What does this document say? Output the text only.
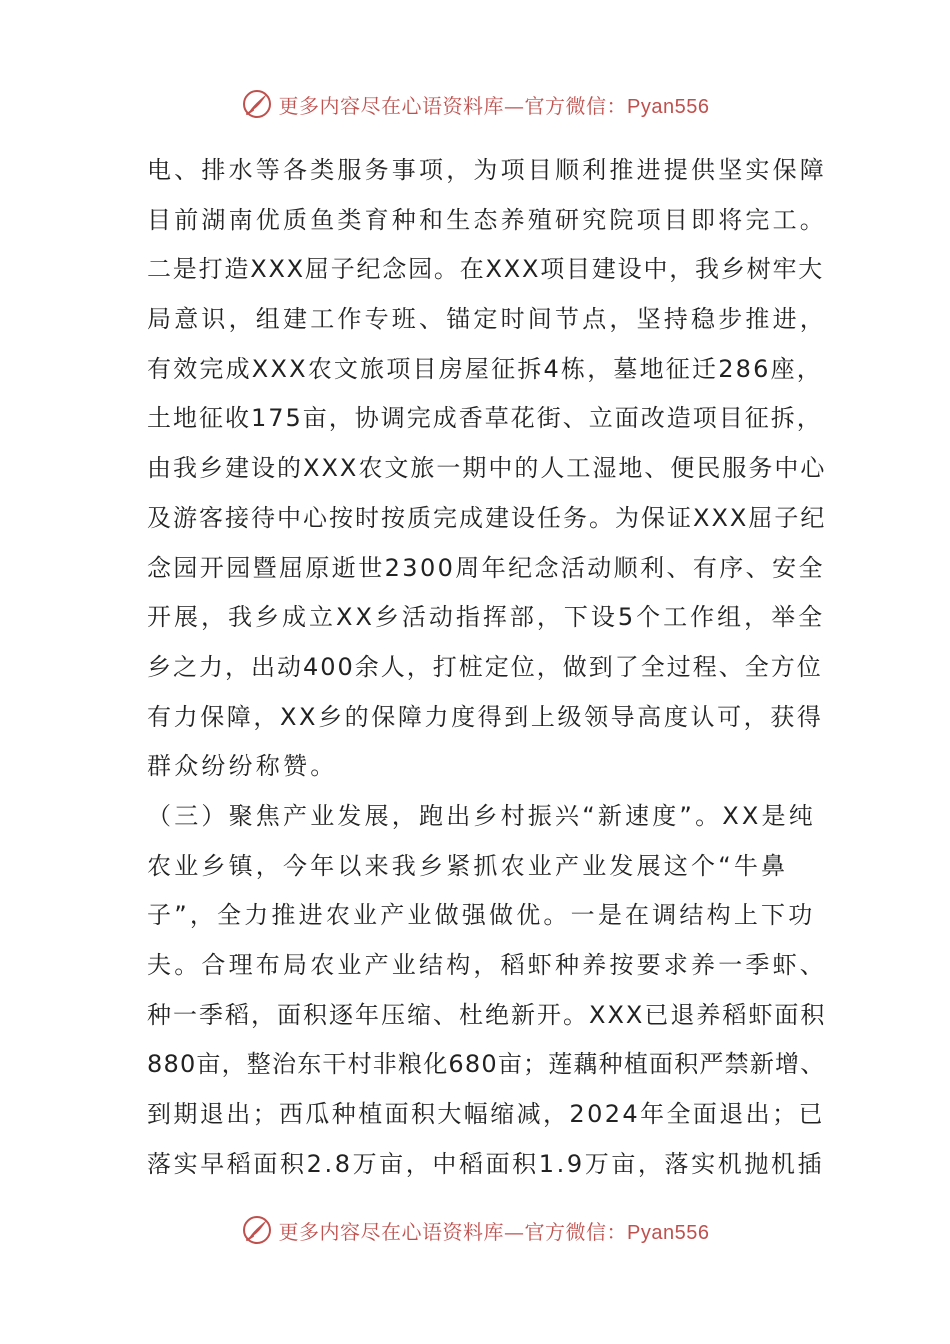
更多内容尽在心语资料库—官方微信：Pyan556
电、排水等各类服务事项，为项目顺利推进提供坚实保障
目前湖南优质鱼类育种和生态养殖研究院项目即将完工。
二是打造XXX屈子纪念园。在XXX项目建设中，我乡树牢大
局意识，组建工作专班、锚定时间节点，坚持稳步推进，
有效完成XXX农文旅项目房屋征拆4栋，墓地征迁286座，
土地征收175亩，协调完成香草花街、立面改造项目征拆，
由我乡建设的XXX农文旅一期中的人工湿地、便民服务中心
及游客接待中心按时按质完成建设任务。为保证XXX屈子纪
念园开园暨屈原逝世2300周年纪念活动顺利、有序、安全
开展，我乡成立XX乡活动指挥部，下设5个工作组，举全
乡之力，出动400余人，打桩定位，做到了全过程、全方位
有力保障，XX乡的保障力度得到上级领导高度认可，获得
群众纷纷称赞。
（三）聚焦产业发展，跑出乡村振兴“新速度”。XX是纯
农业乡镇，今年以来我乡紧抓农业产业发展这个“牛鼻
子”，全力推进农业产业做强做优。一是在调结构上下功
夫。合理布局农业产业结构，稻虾种养按要求养一季虾、
种一季稻，面积逐年压缩、杜绝新开。XXX已退养稻虾面积
880亩，整治东干村非粮化680亩；莲藕种植面积严禁新增、
到期退出；西瓜种植面积大幅缩减，2024年全面退出；已
落实早稻面积2.8万亩，中稻面积1.9万亩，落实机抛机插
更多内容尽在心语资料库—官方微信：Pyan556
